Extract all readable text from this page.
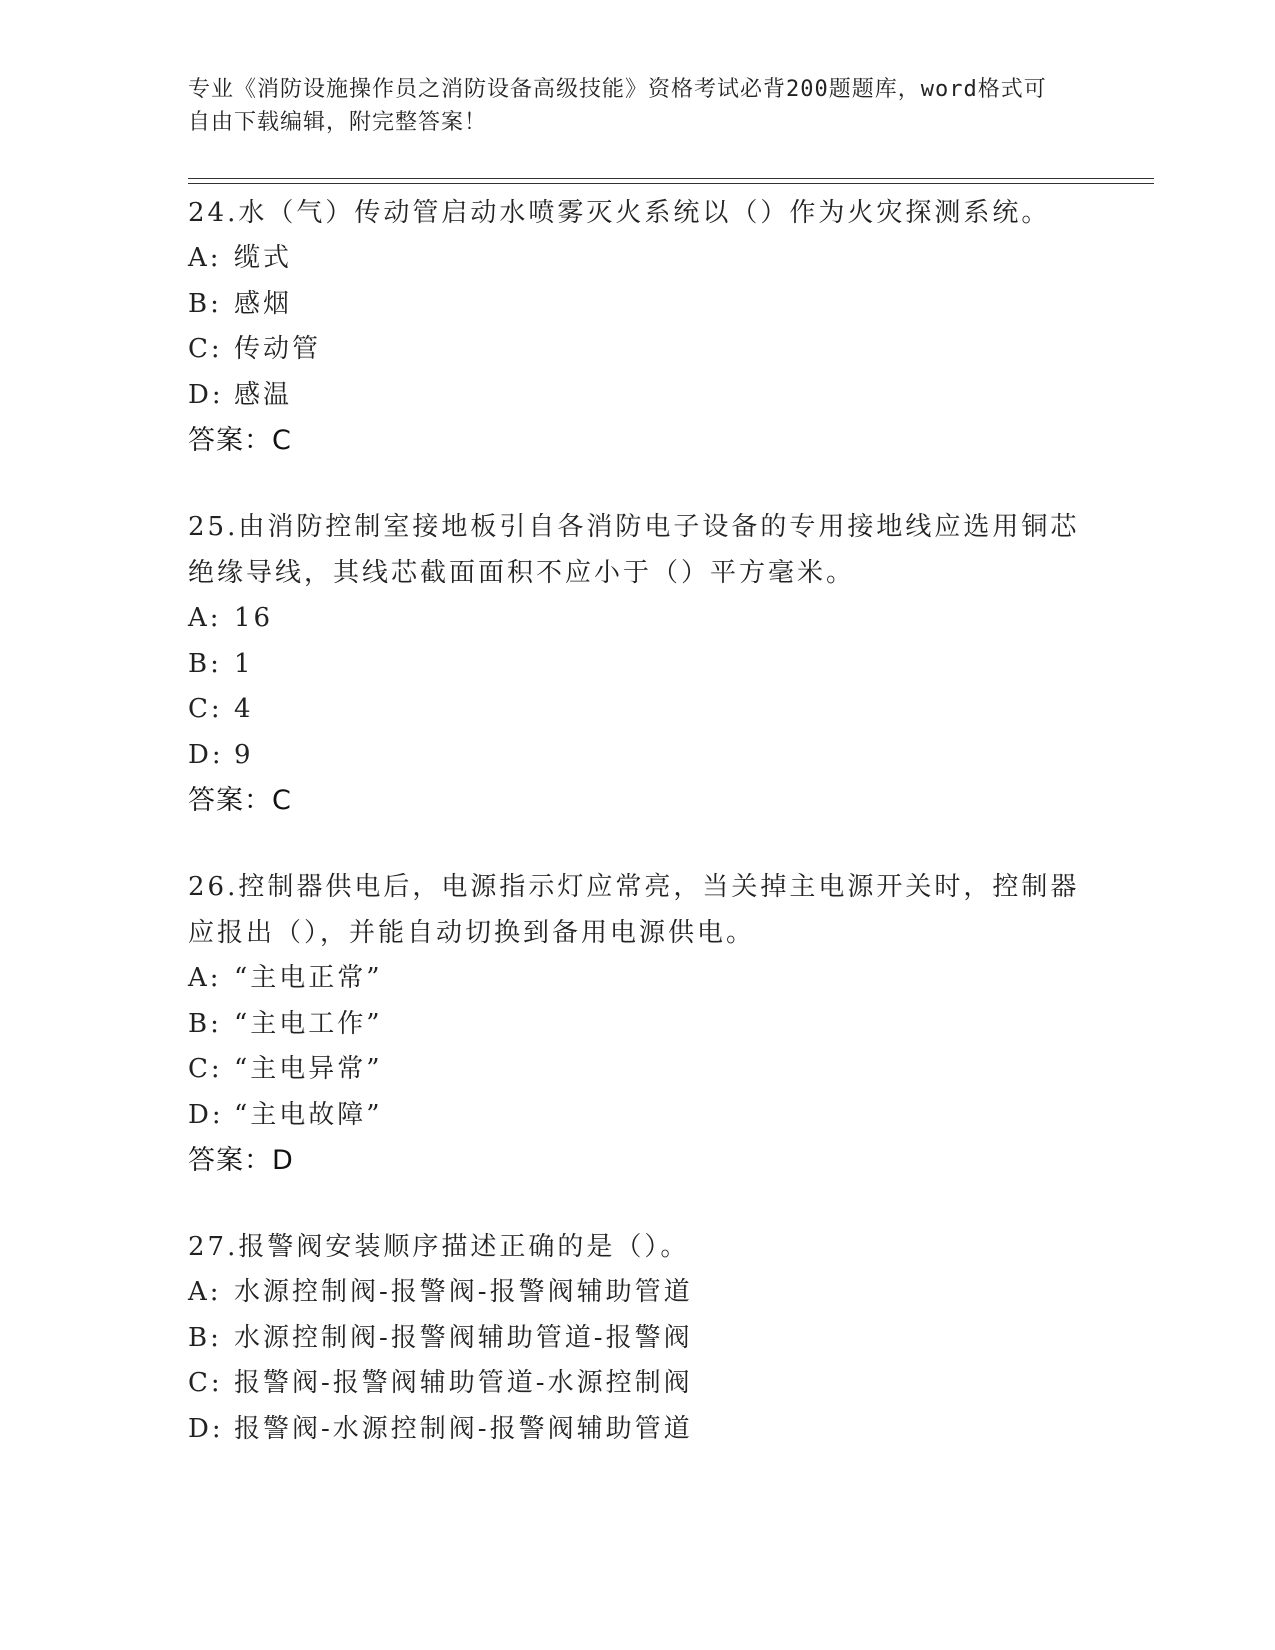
专业《消防设施操作员之消防设备高级技能》资格考试必背200题题库，word格式可自由下载编辑，附完整答案！

24.水（气）传动管启动水喷雾灭火系统以（）作为火灾探测系统。

A: 缆式

B: 感烟

C: 传动管

D: 感温

答案：C

25.由消防控制室接地板引自各消防电子设备的专用接地线应选用铜芯绝缘导线，其线芯截面面积不应小于（）平方毫米。

A: 16

B: 1

C: 4

D: 9

答案：C

26.控制器供电后，电源指示灯应常亮，当关掉主电源开关时，控制器应报出（），并能自动切换到备用电源供电。

A: “主电正常”

B: “主电工作”

C: “主电异常”

D: “主电故障”

答案：D

27.报警阀安装顺序描述正确的是（）。

A: 水源控制阀-报警阀-报警阀辅助管道

B: 水源控制阀-报警阀辅助管道-报警阀

C: 报警阀-报警阀辅助管道-水源控制阀

D: 报警阀-水源控制阀-报警阀辅助管道
